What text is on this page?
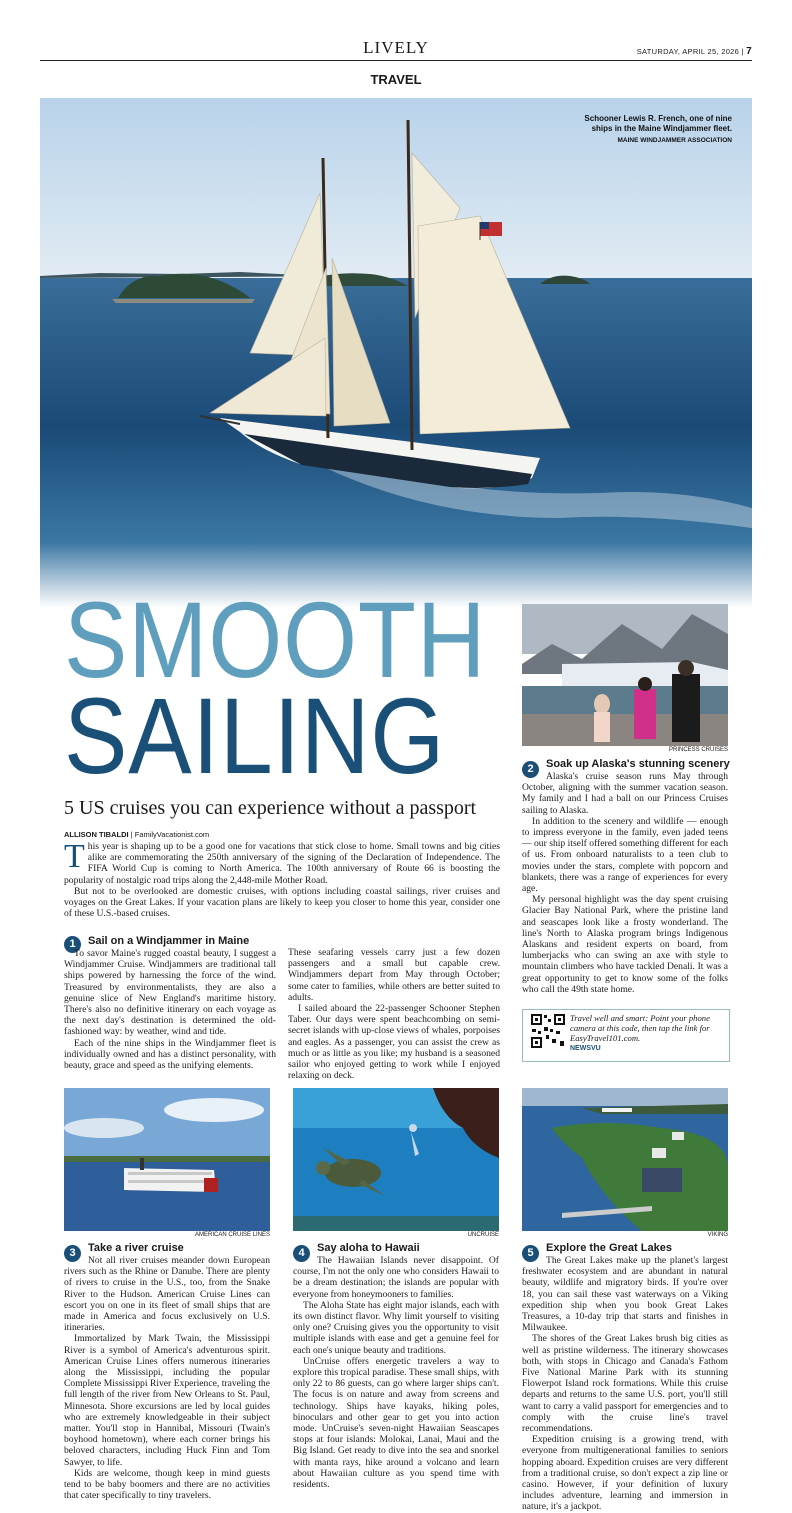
LIVELY	SATURDAY, APRIL 25, 2026 | 7
TRAVEL
Schooner Lewis R. French, one of nine ships in the Maine Windjammer fleet.
MAINE WINDJAMMER ASSOCIATION
SMOOTH
SAILING
5 US cruises you can experience without a passport
ALLISON TIBALDI | FamilyVacationist.com

This year is shaping up to be a good one for vacations that stick close to home. Small towns and big cities alike are commemorating the 250th anniversary of the signing of the Declaration of Independence. The FIFA World Cup is coming to North America. The 100th anniversary of Route 66 is boosting the popularity of nostalgic road trips along the 2,448-mile Mother Road.

But not to be overlooked are domestic cruises, with options including coastal sailings, river cruises and voyages on the Great Lakes. If your vacation plans are likely to keep you closer to home this year, consider one of these U.S.-based cruises.

1	Sail on a Windjammer in Maine

To savor Maine's rugged coastal beauty, I suggest a Windjammer Cruise. Windjammers are traditional tall ships powered by harnessing the force of the wind. Treasured by environmentalists, they are also a genuine slice of New England's maritime history. There's also no definitive itinerary on each voyage as the next day's destination is determined the old-fashioned way: by weather, wind and tide.

Each of the nine ships in the Windjammer fleet is individually owned and has a distinct personality, with beauty, grace and speed as the unifying elements.

These seafaring vessels carry just a few dozen passengers and a small but capable crew. Windjammers depart from May through October; some cater to families, while others are better suited to adults.

I sailed aboard the 22-passenger Schooner Stephen Taber. Our days were spent beachcombing on semi-secret islands with up-close views of whales, porpoises and eagles. As a passenger, you can assist the crew as much or as little as you like; my husband is a seasoned sailor who enjoyed getting to work while I enjoyed relaxing on deck.

PRINCESS CRUISES
2	Soak up Alaska's stunning scenery

Alaska's cruise season runs May through October, aligning with the summer vacation season. My family and I had a ball on our Princess Cruises sailing to Alaska.

In addition to the scenery and wildlife — enough to impress everyone in the family, even jaded teens — our ship itself offered something different for each of us. From onboard naturalists to a teen club to movies under the stars, complete with popcorn and blankets, there was a range of experiences for every age.

My personal highlight was the day spent cruising Glacier Bay National Park, where the pristine land and seascapes look like a frosty wonderland. The line's North to Alaska program brings Indigenous Alaskans and resident experts on board, from lumberjacks who can swing an axe with style to mountain climbers who have tackled Denali. It was a great opportunity to get to know some of the folks who call the 49th state home.

Travel well and smart: Point your phone camera at this code, then tap the link for EasyTravel101.com.
NEWSVU
AMERICAN CRUISE LINES	UNCRUISE	VIKING
3	Take a river cruise

Not all river cruises meander down European rivers such as the Rhine or Danube. There are plenty of rivers to cruise in the U.S., too, from the Snake River to the Hudson. American Cruise Lines can escort you on one in its fleet of small ships that are made in America and focus exclusively on U.S. itineraries.

Immortalized by Mark Twain, the Mississippi River is a symbol of America's adventurous spirit. American Cruise Lines offers numerous itineraries along the Mississippi, including the popular Complete Mississippi River Experience, traveling the full length of the river from New Orleans to St. Paul, Minnesota. Shore excursions are led by local guides who are extremely knowledgeable in their subject matter. You'll stop in Hannibal, Missouri (Twain's boyhood hometown), where each corner brings his beloved characters, including Huck Finn and Tom Sawyer, to life.

Kids are welcome, though keep in mind guests tend to be baby boomers and there are no activities that cater specifically to tiny travelers.

4	Say aloha to Hawaii

The Hawaiian Islands never disappoint. Of course, I'm not the only one who considers Hawaii to be a dream destination; the islands are popular with everyone from honeymooners to families.

The Aloha State has eight major islands, each with its own distinct flavor. Why limit yourself to visiting only one? Cruising gives you the opportunity to visit multiple islands with ease and get a genuine feel for each one's unique beauty and traditions.

UnCruise offers energetic travelers a way to explore this tropical paradise. These small ships, with only 22 to 86 guests, can go where larger ships can't. The focus is on nature and away from screens and technology. Ships have kayaks, hiking poles, binoculars and other gear to get you into action mode. UnCruise's seven-night Hawaiian Seascapes stops at four islands: Molokai, Lanai, Maui and the Big Island. Get ready to dive into the sea and snorkel with manta rays, hike around a volcano and learn about Hawaiian culture as you spend time with residents.

5	Explore the Great Lakes

The Great Lakes make up the planet's largest freshwater ecosystem and are abundant in natural beauty, wildlife and migratory birds. If you're over 18, you can sail these vast waterways on a Viking expedition ship when you book Great Lakes Treasures, a 10-day trip that starts and finishes in Milwaukee.

The shores of the Great Lakes brush big cities as well as pristine wilderness. The itinerary showcases both, with stops in Chicago and Canada's Fathom Five National Marine Park with its stunning Flowerpot Island rock formations. While this cruise departs and returns to the same U.S. port, you'll still want to carry a valid passport for emergencies and to comply with the cruise line's travel recommendations.

Expedition cruising is a growing trend, with everyone from multigenerational families to seniors hopping aboard. Expedition cruises are very different from a traditional cruise, so don't expect a zip line or casino. However, if your definition of luxury includes adventure, learning and immersion in nature, it's a jackpot.
